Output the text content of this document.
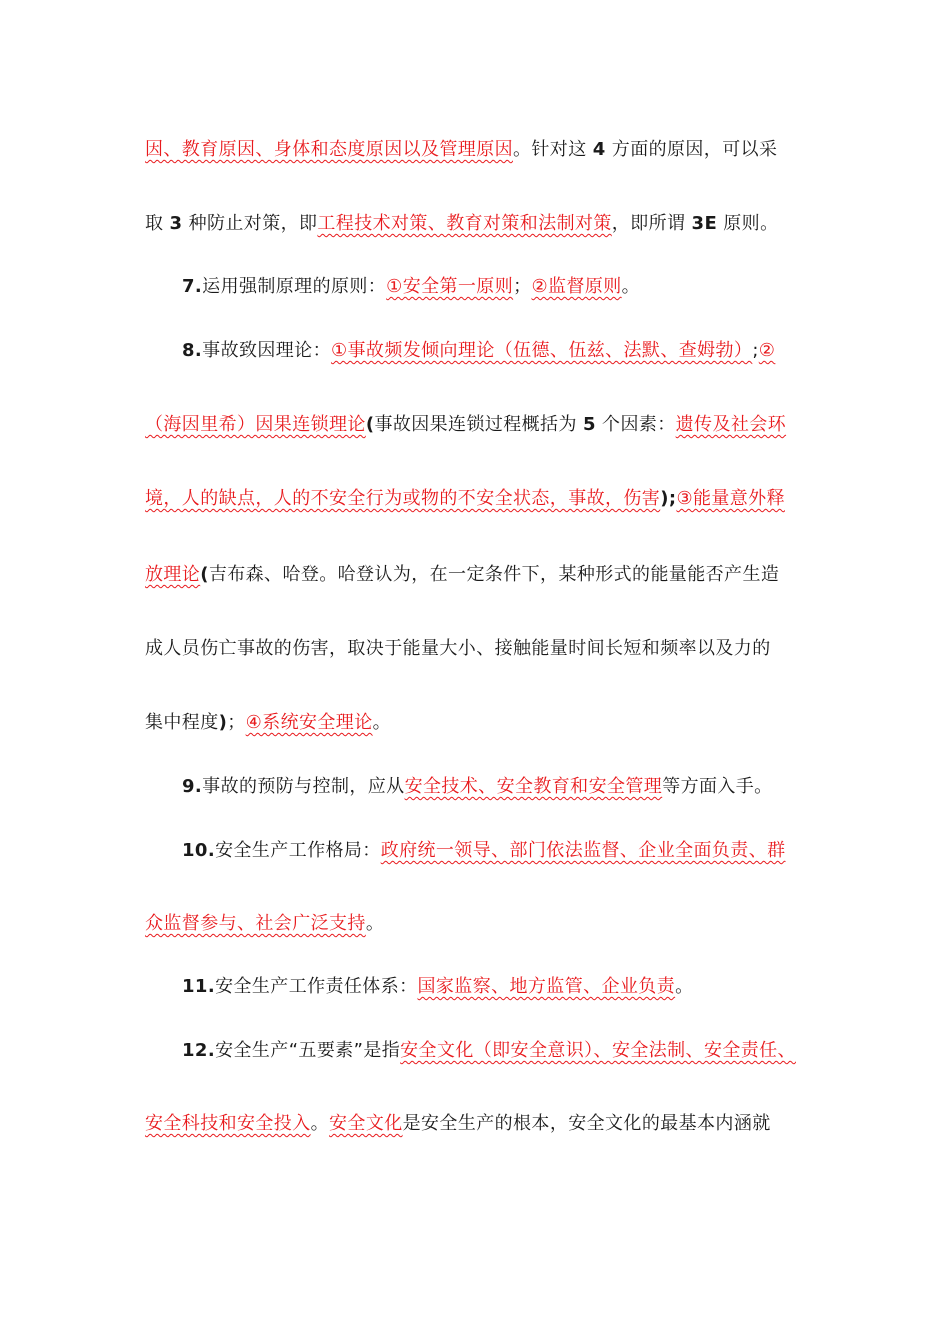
因、教育原因、身体和态度原因以及管理原因。针对这 4 方面的原因，可以采
取 3 种防止对策，即工程技术对策、教育对策和法制对策，即所谓 3E 原则。
7.运用强制原理的原则：①安全第一原则；②监督原则。
8.事故致因理论：①事故频发倾向理论（伍德、伍兹、法默、查姆勃）;②
（海因里希）因果连锁理论(事故因果连锁过程概括为 5 个因素：遗传及社会环
境，人的缺点，人的不安全行为或物的不安全状态，事故，伤害);③能量意外释
放理论(吉布森、哈登。哈登认为，在一定条件下，某种形式的能量能否产生造
成人员伤亡事故的伤害，取决于能量大小、接触能量时间长短和频率以及力的
集中程度)；④系统安全理论。
9.事故的预防与控制，应从安全技术、安全教育和安全管理等方面入手。
10.安全生产工作格局：政府统一领导、部门依法监督、企业全面负责、群
众监督参与、社会广泛支持。
11.安全生产工作责任体系：国家监察、地方监管、企业负责。
12.安全生产“五要素”是指安全文化（即安全意识）、安全法制、安全责任、
安全科技和安全投入。安全文化是安全生产的根本，安全文化的最基本内涵就
